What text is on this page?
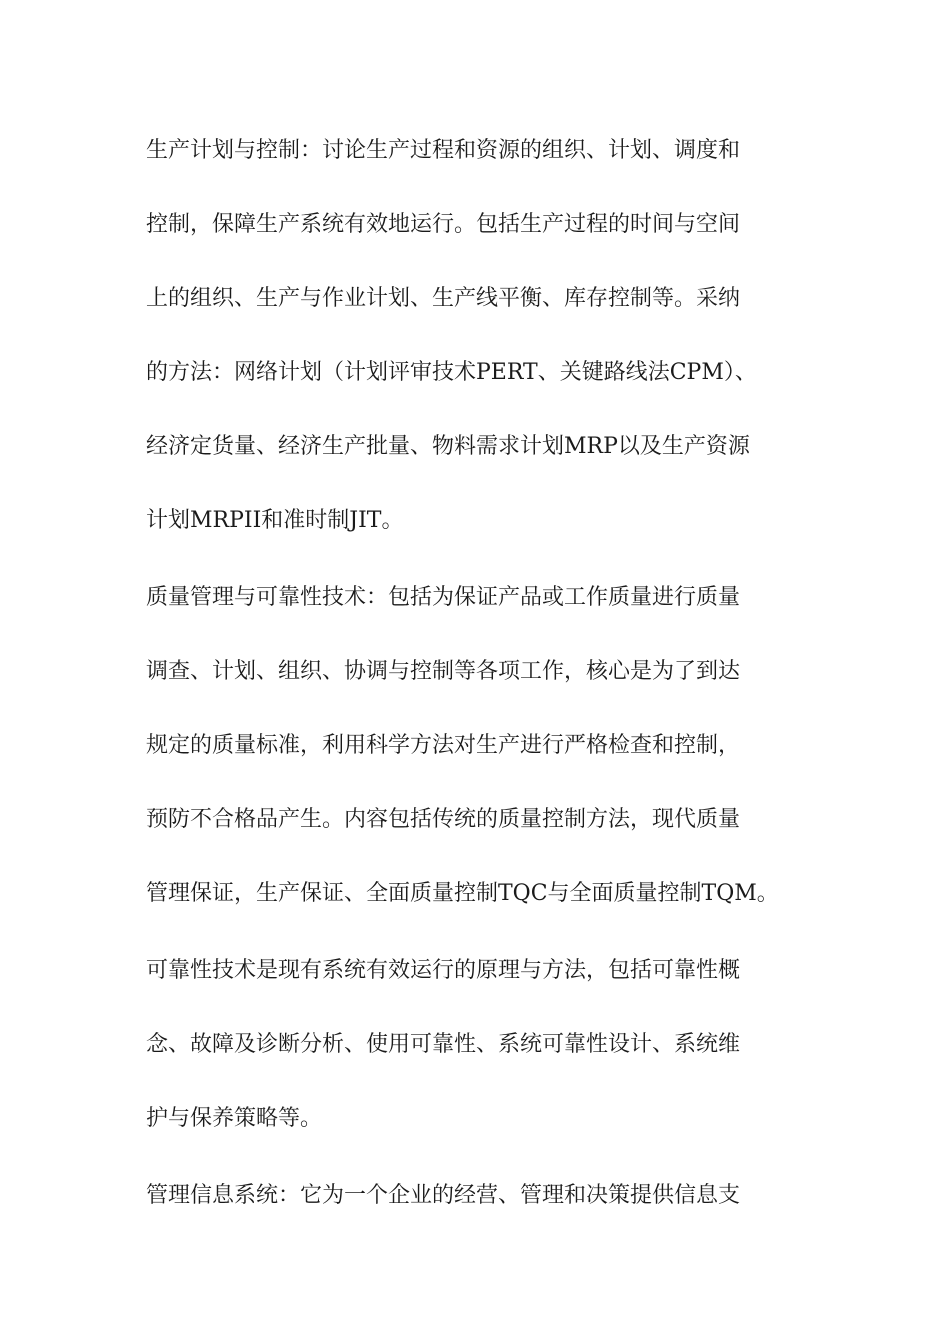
生产计划与控制：讨论生产过程和资源的组织、计划、调度和
控制，保障生产系统有效地运行。包括生产过程的时间与空间
上的组织、生产与作业计划、生产线平衡、库存控制等。采纳
的方法：网络计划（计划评审技术PERT、关键路线法CPM）、
经济定货量、经济生产批量、物料需求计划MRP以及生产资源
计划MRPII和准时制JIT。
质量管理与可靠性技术：包括为保证产品或工作质量进行质量
调查、计划、组织、协调与控制等各项工作，核心是为了到达
规定的质量标准，利用科学方法对生产进行严格检查和控制，
预防不合格品产生。内容包括传统的质量控制方法，现代质量
管理保证，生产保证、全面质量控制TQC与全面质量控制TQM。
可靠性技术是现有系统有效运行的原理与方法，包括可靠性概
念、故障及诊断分析、使用可靠性、系统可靠性设计、系统维
护与保养策略等。
管理信息系统：它为一个企业的经营、管理和决策提供信息支
